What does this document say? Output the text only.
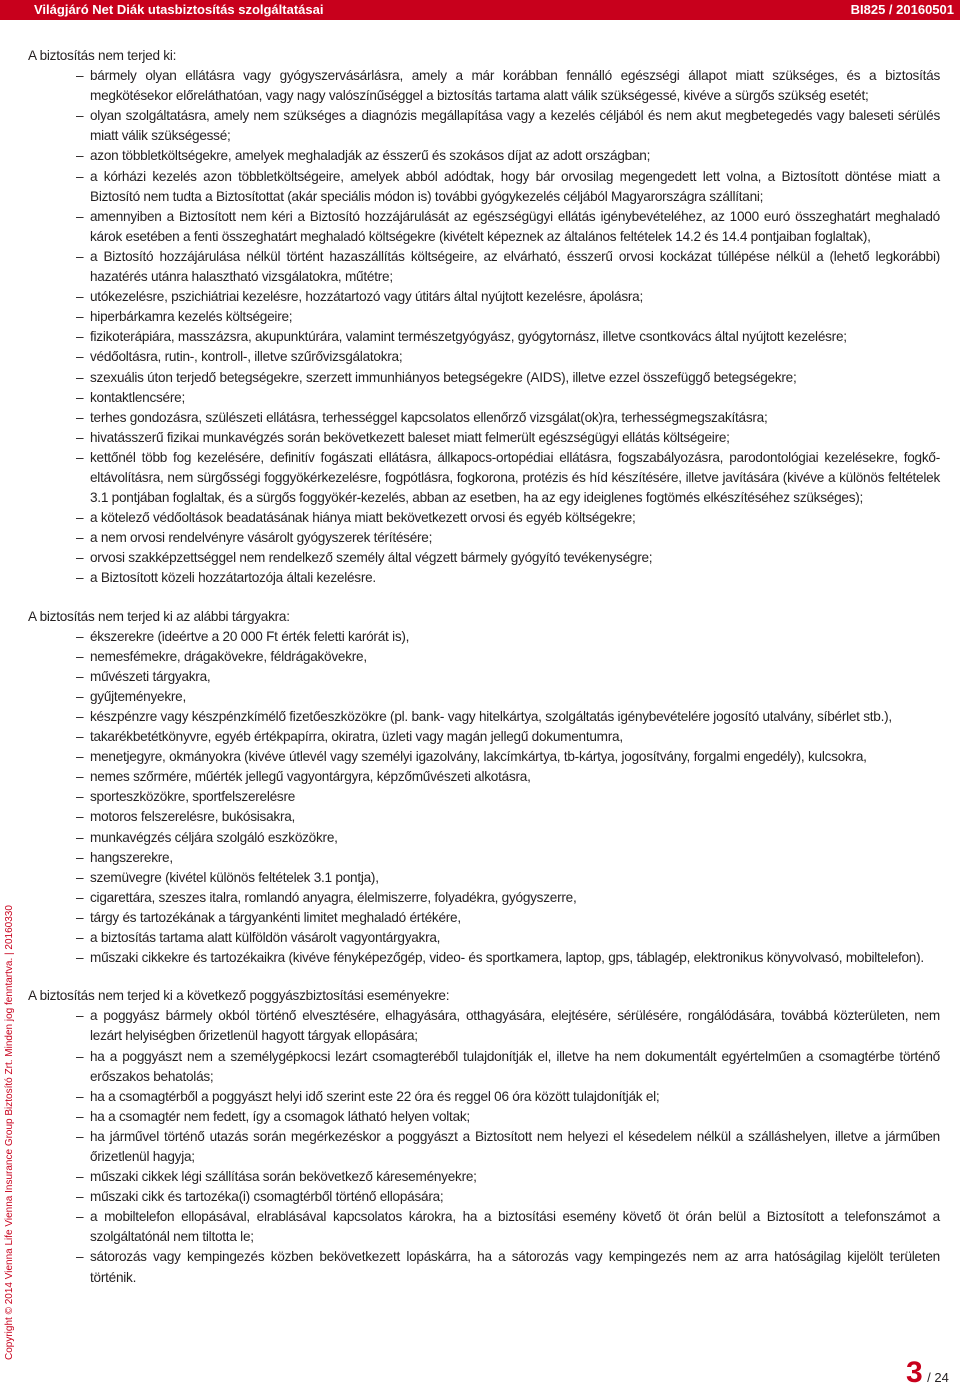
Világjáró Net Diák utasbiztosítás szolgáltatásai	BI825 / 20160501
Copyright © 2014 Vienna Life Vienna Insurance Group Biztosító Zrt. Minden jog fenntartva. | 20160330

A biztosítás nem terjed ki:

– bármely olyan ellátásra vagy gyógyszervásárlásra, amely a már korábban fennálló egészségi állapot miatt szükséges, és a biztosítás megkötésekor előreláthatóan, vagy nagy valószínűséggel a biztosítás tartama alatt válik szükségessé, kivéve a sürgős szükség esetét;
– olyan szolgáltatásra, amely nem szükséges a diagnózis megállapítása vagy a kezelés céljából és nem akut megbetegedés vagy baleseti sérülés miatt válik szükségessé;
– azon többletköltségekre, amelyek meghaladják az ésszerű és szokásos díjat az adott országban;
– a kórházi kezelés azon többletköltségeire, amelyek abból adódtak, hogy bár orvosilag megengedett lett volna, a Biztosított döntése miatt a Biztosító nem tudta a Biztosítottat (akár speciális módon is) további gyógykezelés céljából Magyarországra szállítani;
– amennyiben a Biztosított nem kéri a Biztosító hozzájárulását az egészségügyi ellátás igénybevételéhez, az 1000 euró összeghatárt meghaladó károk esetében a fenti összeghatárt meghaladó költségekre (kivételt képeznek az általános feltételek 14.2 és 14.4 pontjaiban foglaltak),
– a Biztosító hozzájárulása nélkül történt hazaszállítás költségeire, az elvárható, ésszerű orvosi kockázat túllépése nélkül a (lehető legkorábbi) hazatérés utánra halasztható vizsgálatokra, műtétre;
– utókezelésre, pszichiátriai kezelésre, hozzátartozó vagy útitárs által nyújtott kezelésre, ápolásra;
– hiperbárkamra kezelés költségeire;
– fizikoterápiára, masszázsra, akupunktúrára, valamint természetgyógyász, gyógytornász, illetve csontkovács által nyújtott kezelésre;
– védőoltásra, rutin-, kontroll-, illetve szűrővizsgálatokra;
– szexuális úton terjedő betegségekre, szerzett immunhiányos betegségekre (AIDS), illetve ezzel összefüggő betegségekre;
– kontaktlencsére;
– terhes gondozásra, szülészeti ellátásra, terhességgel kapcsolatos ellenőrző vizsgálat(ok)ra, terhességmegszakításra;
– hivatásszerű fizikai munkavégzés során bekövetkezett baleset miatt felmerült egészségügyi ellátás költségeire;
– kettőnél több fog kezelésére, definitív fogászati ellátásra, állkapocs-ortopédiai ellátásra, fogszabályozásra, parodontológiai kezelésekre, fogkő-eltávolításra, nem sürgősségi foggyökérkezelésre, fogpótlásra, fogkorona, protézis és híd készítésére, illetve javítására (kivéve a különös feltételek 3.1 pontjában foglaltak, és a sürgős foggyökér-kezelés, abban az esetben, ha az egy ideiglenes fogtömés elkészítéséhez szükséges);
– a kötelező védőoltások beadatásának hiánya miatt bekövetkezett orvosi és egyéb költségekre;
– a nem orvosi rendelvényre vásárolt gyógyszerek térítésére;
– orvosi szakképzettséggel nem rendelkező személy által végzett bármely gyógyító tevékenységre;
– a Biztosított közeli hozzátartozója általi kezelésre.

A biztosítás nem terjed ki az alábbi tárgyakra:

– ékszerekre (ideértve a 20 000 Ft érték feletti karórát is),
– nemesfémekre, drágakövekre, féldrágakövekre,
– művészeti tárgyakra,
– gyűjteményekre,
– készpénzre vagy készpénzkímélő fizetőeszközökre (pl. bank- vagy hitelkártya, szolgáltatás igénybevételére jogosító utalvány, síbérlet stb.),
– takarékbetétkönyvre, egyéb értékpapírra, okiratra, üzleti vagy magán jellegű dokumentumra,
– menetjegyre, okmányokra (kivéve útlevél vagy személyi igazolvány, lakcímkártya, tb-kártya, jogosítvány, forgalmi engedély), kulcsokra,
– nemes szőrmére, műérték jellegű vagyontárgyra, képzőművészeti alkotásra,
– sporteszközökre, sportfelszerelésre
– motoros felszerelésre, bukósisakra,
– munkavégzés céljára szolgáló eszközökre,
– hangszerekre,
– szemüvegre (kivétel különös feltételek 3.1 pontja),
– cigarettára, szeszes italra, romlandó anyagra, élelmiszerre, folyadékra, gyógyszerre,
– tárgy és tartozékának a tárgyankénti limitet meghaladó értékére,
– a biztosítás tartama alatt külföldön vásárolt vagyontárgyakra,
– műszaki cikkekre és tartozékaikra (kivéve fényképezőgép, video- és sportkamera, laptop, gps, táblagép, elektronikus könyvolvasó, mobiltelefon).

A biztosítás nem terjed ki a következő poggyászbiztosítási eseményekre:

– a poggyász bármely okból történő elvesztésére, elhagyására, otthagyására, elejtésére, sérülésére, rongálódására, továbbá közterületen, nem lezárt helyiségben őrizetlenül hagyott tárgyak ellopására;
– ha a poggyászt nem a személygépkocsi lezárt csomagteréből tulajdonítják el, illetve ha nem dokumentált egyértelműen a csomagtérbe történő erőszakos behatolás;
– ha a csomagtérből a poggyászt helyi idő szerint este 22 óra és reggel 06 óra között tulajdonítják el;
– ha a csomagtér nem fedett, így a csomagok látható helyen voltak;
– ha járművel történő utazás során megérkezéskor a poggyászt a Biztosított nem helyezi el késedelem nélkül a szálláshelyen, illetve a járműben őrizetlenül hagyja;
– műszaki cikkek légi szállítása során bekövetkező káreseményekre;
– műszaki cikk és tartozéka(i) csomagtérből történő ellopására;
– a mobiltelefon ellopásával, elrablásával kapcsolatos károkra, ha a biztosítási esemény követő öt órán belül a Biztosított a telefonszámot a szolgáltatónál nem tiltotta le;
– sátorozás vagy kempingezés közben bekövetkezett lopáskárra, ha a sátorozás vagy kempingezés nem az arra hatóságilag kijelölt területen történik.
3 / 24
